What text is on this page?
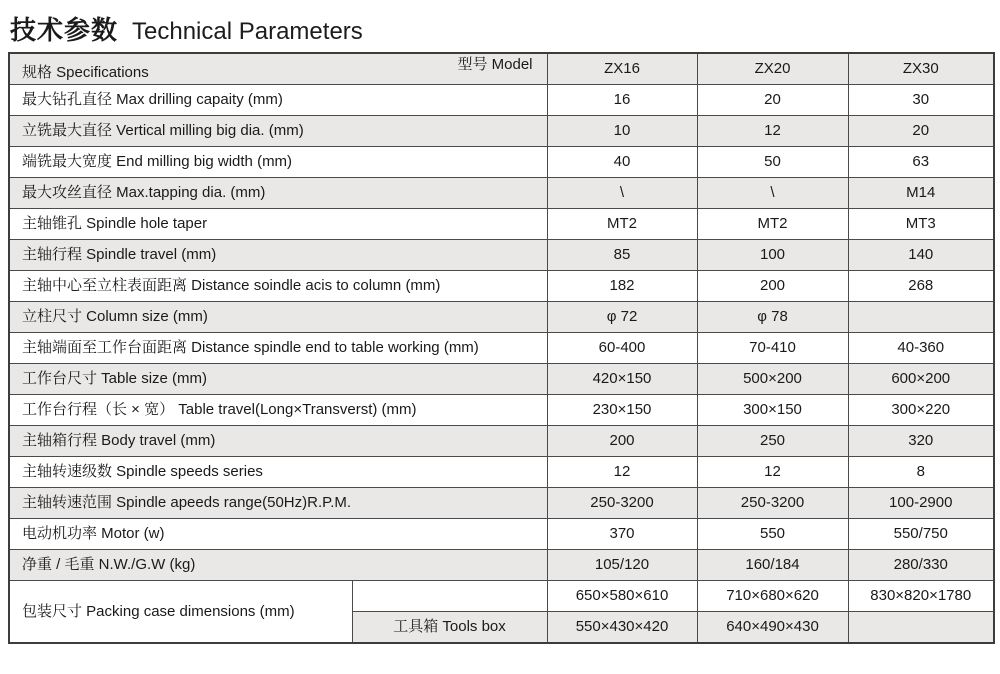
技术参数 Technical Parameters
规格 Specifications 型号 Model		ZX16	ZX20	ZX30
最大钻孔直径 Max drilling capaity (mm)		16	20	30
立铣最大直径 Vertical milling big dia. (mm)		10	12	20
端铣最大宽度 End milling big width (mm)		40	50	63
最大攻丝直径 Max.tapping dia. (mm)		\	\	M14
主轴锥孔 Spindle hole taper		MT2	MT2	MT3
主轴行程 Spindle travel (mm)		85	100	140
主轴中心至立柱表面距离 Distance soindle acis to column (mm)		182	200	268
立柱尺寸 Column size (mm)		φ 72	φ 78	
主轴端面至工作台面距离 Distance spindle end to table working (mm)		60-400	70-410	40-360
工作台尺寸 Table size (mm)		420×150	500×200	600×200
工作台行程（长 × 宽） Table travel(Long×Transverst) (mm)		230×150	300×150	300×220
主轴箱行程 Body travel (mm)		200	250	320
主轴转速级数 Spindle speeds series		12	12	8
主轴转速范围 Spindle apeeds range(50Hz)R.P.M.		250-3200	250-3200	100-2900
电动机功率 Motor (w)		370	550	550/750
净重 / 毛重 N.W./G.W (kg)		105/120	160/184	280/330
包装尺寸 Packing case dimensions (mm)		650×580×610	710×680×620	830×820×1780
	工具箱 Tools box	550×430×420	640×490×430	
